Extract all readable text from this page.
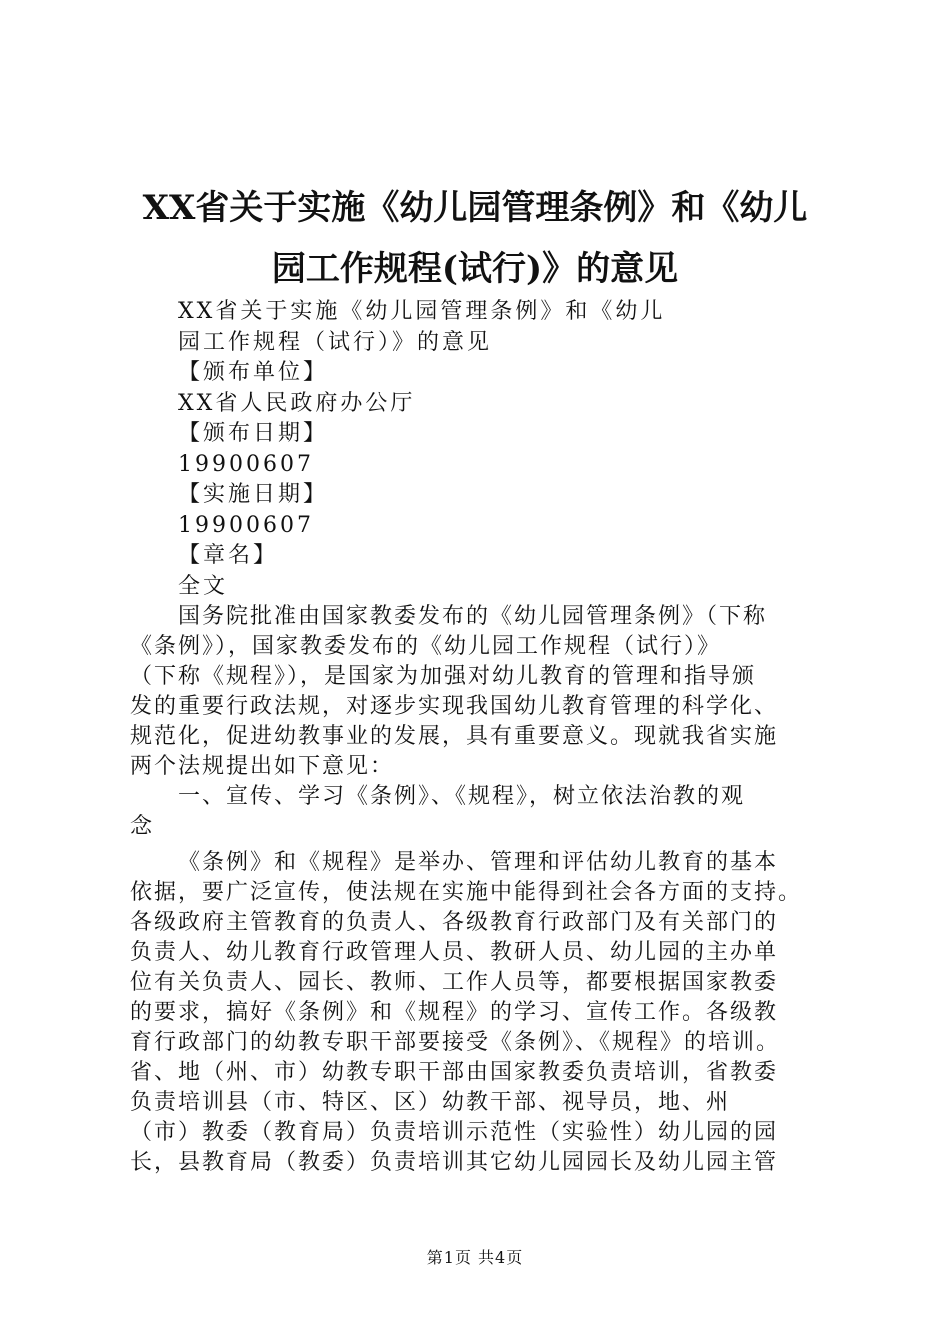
XX省关于实施《幼儿园管理条例》和《幼儿
园工作规程(试行)》的意见
XX省关于实施《幼儿园管理条例》和《幼儿
园工作规程（试行）》的意见
【颁布单位】
XX省人民政府办公厅
【颁布日期】
19900607
【实施日期】
19900607
【章名】
全文
国务院批准由国家教委发布的《幼儿园管理条例》（下称
《条例》），国家教委发布的《幼儿园工作规程（试行）》
（下称《规程》），是国家为加强对幼儿教育的管理和指导颁
发的重要行政法规，对逐步实现我国幼儿教育管理的科学化、
规范化，促进幼教事业的发展，具有重要意义。现就我省实施
两个法规提出如下意见：
一、宣传、学习《条例》、《规程》，树立依法治教的观
念
《条例》和《规程》是举办、管理和评估幼儿教育的基本
依据，要广泛宣传，使法规在实施中能得到社会各方面的支持。
各级政府主管教育的负责人、各级教育行政部门及有关部门的
负责人、幼儿教育行政管理人员、教研人员、幼儿园的主办单
位有关负责人、园长、教师、工作人员等，都要根据国家教委
的要求，搞好《条例》和《规程》的学习、宣传工作。各级教
育行政部门的幼教专职干部要接受《条例》、《规程》的培训。
省、地（州、市）幼教专职干部由国家教委负责培训，省教委
负责培训县（市、特区、区）幼教干部、视导员，地、州
（市）教委（教育局）负责培训示范性（实验性）幼儿园的园
长，县教育局（教委）负责培训其它幼儿园园长及幼儿园主管
第1页 共4页
